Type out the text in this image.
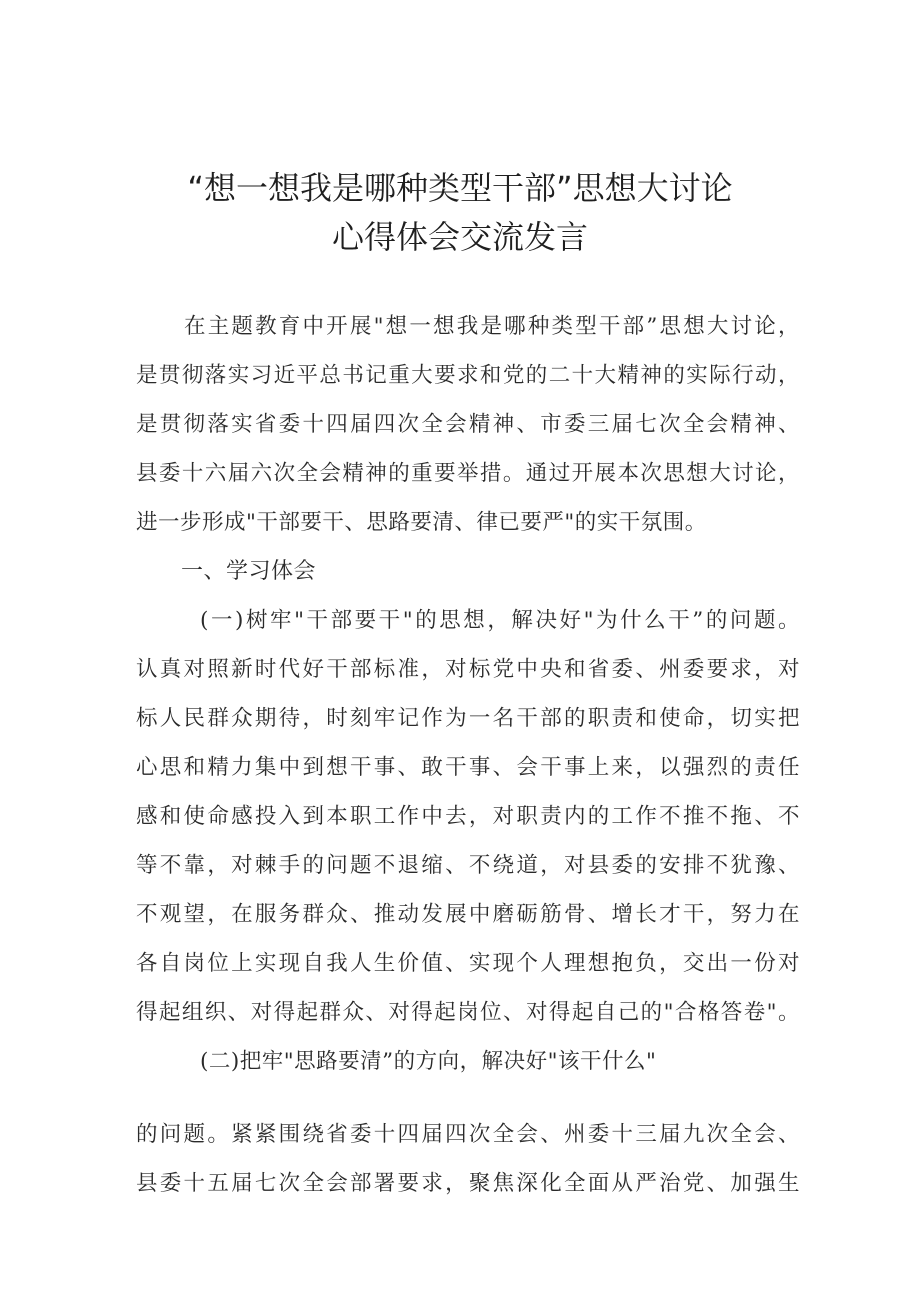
“想一想我是哪种类型干部”思想大讨论
心得体会交流发言
在主题教育中开展"想一想我是哪种类型干部”思想大讨论，
是贯彻落实习近平总书记重大要求和党的二十大精神的实际行动，
是贯彻落实省委十四届四次全会精神、市委三届七次全会精神、
县委十六届六次全会精神的重要举措。通过开展本次思想大讨论，
进一步形成"干部要干、思路要清、律已要严"的实干氛围。
一、学习体会
(一)树牢"干部要干"的思想，解决好"为什么干”的问题。
认真对照新时代好干部标准，对标党中央和省委、州委要求，对
标人民群众期待，时刻牢记作为一名干部的职责和使命，切实把
心思和精力集中到想干事、敢干事、会干事上来，以强烈的责任
感和使命感投入到本职工作中去，对职责内的工作不推不拖、不
等不靠，对棘手的问题不退缩、不绕道，对县委的安排不犹豫、
不观望，在服务群众、推动发展中磨砺筋骨、增长才干，努力在
各自岗位上实现自我人生价值、实现个人理想抱负，交出一份对
得起组织、对得起群众、对得起岗位、对得起自己的"合格答卷"。
(二)把牢"思路要清”的方向，解决好"该干什么"
的问题。紧紧围绕省委十四届四次全会、州委十三届九次全会、
县委十五届七次全会部署要求，聚焦深化全面从严治党、加强生
